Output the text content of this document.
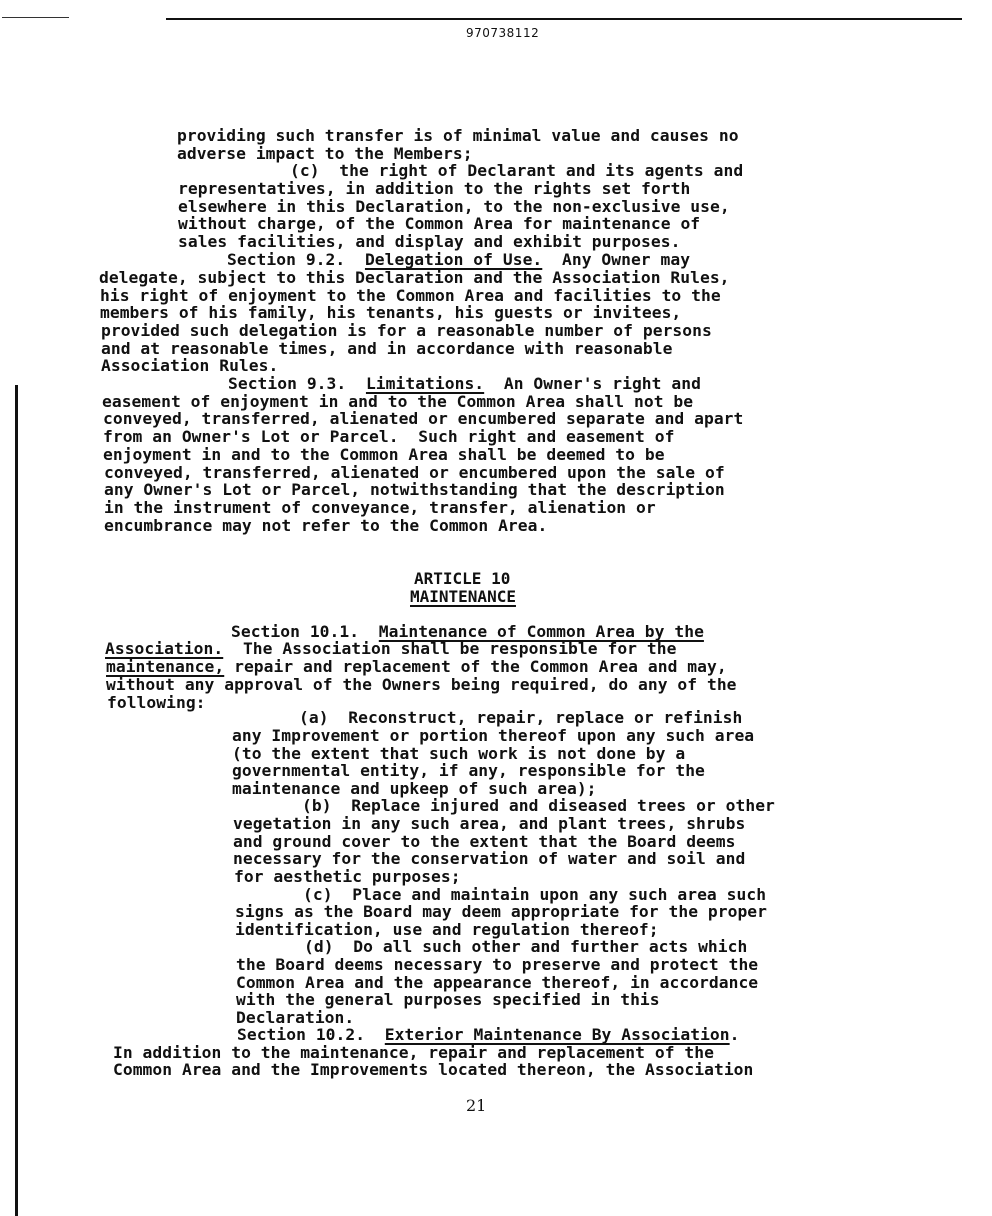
970738112
providing such transfer is of minimal value and causes no
adverse impact to the Members;
(c)  the right of Declarant and its agents and
representatives, in addition to the rights set forth
elsewhere in this Declaration, to the non-exclusive use,
without charge, of the Common Area for maintenance of
sales facilities, and display and exhibit purposes.
Section 9.2.  Delegation of Use.  Any Owner may
delegate, subject to this Declaration and the Association Rules,
his right of enjoyment to the Common Area and facilities to the
members of his family, his tenants, his guests or invitees,
provided such delegation is for a reasonable number of persons
and at reasonable times, and in accordance with reasonable
Association Rules.
Section 9.3.  Limitations.  An Owner's right and
easement of enjoyment in and to the Common Area shall not be
conveyed, transferred, alienated or encumbered separate and apart
from an Owner's Lot or Parcel.  Such right and easement of
enjoyment in and to the Common Area shall be deemed to be
conveyed, transferred, alienated or encumbered upon the sale of
any Owner's Lot or Parcel, notwithstanding that the description
in the instrument of conveyance, transfer, alienation or
encumbrance may not refer to the Common Area.
Section 10.1.  Maintenance of Common Area by the
Association.  The Association shall be responsible for the
maintenance, repair and replacement of the Common Area and may,
without any approval of the Owners being required, do any of the
following:
(a)  Reconstruct, repair, replace or refinish
any Improvement or portion thereof upon any such area
(to the extent that such work is not done by a
governmental entity, if any, responsible for the
maintenance and upkeep of such area);
(b)  Replace injured and diseased trees or other
vegetation in any such area, and plant trees, shrubs
and ground cover to the extent that the Board deems
necessary for the conservation of water and soil and
for aesthetic purposes;
(c)  Place and maintain upon any such area such
signs as the Board may deem appropriate for the proper
identification, use and regulation thereof;
(d)  Do all such other and further acts which
the Board deems necessary to preserve and protect the
Common Area and the appearance thereof, in accordance
with the general purposes specified in this
Declaration.
Section 10.2.  Exterior Maintenance By Association.
In addition to the maintenance, repair and replacement of the
Common Area and the Improvements located thereon, the Association
ARTICLE 10
MAINTENANCE
21
